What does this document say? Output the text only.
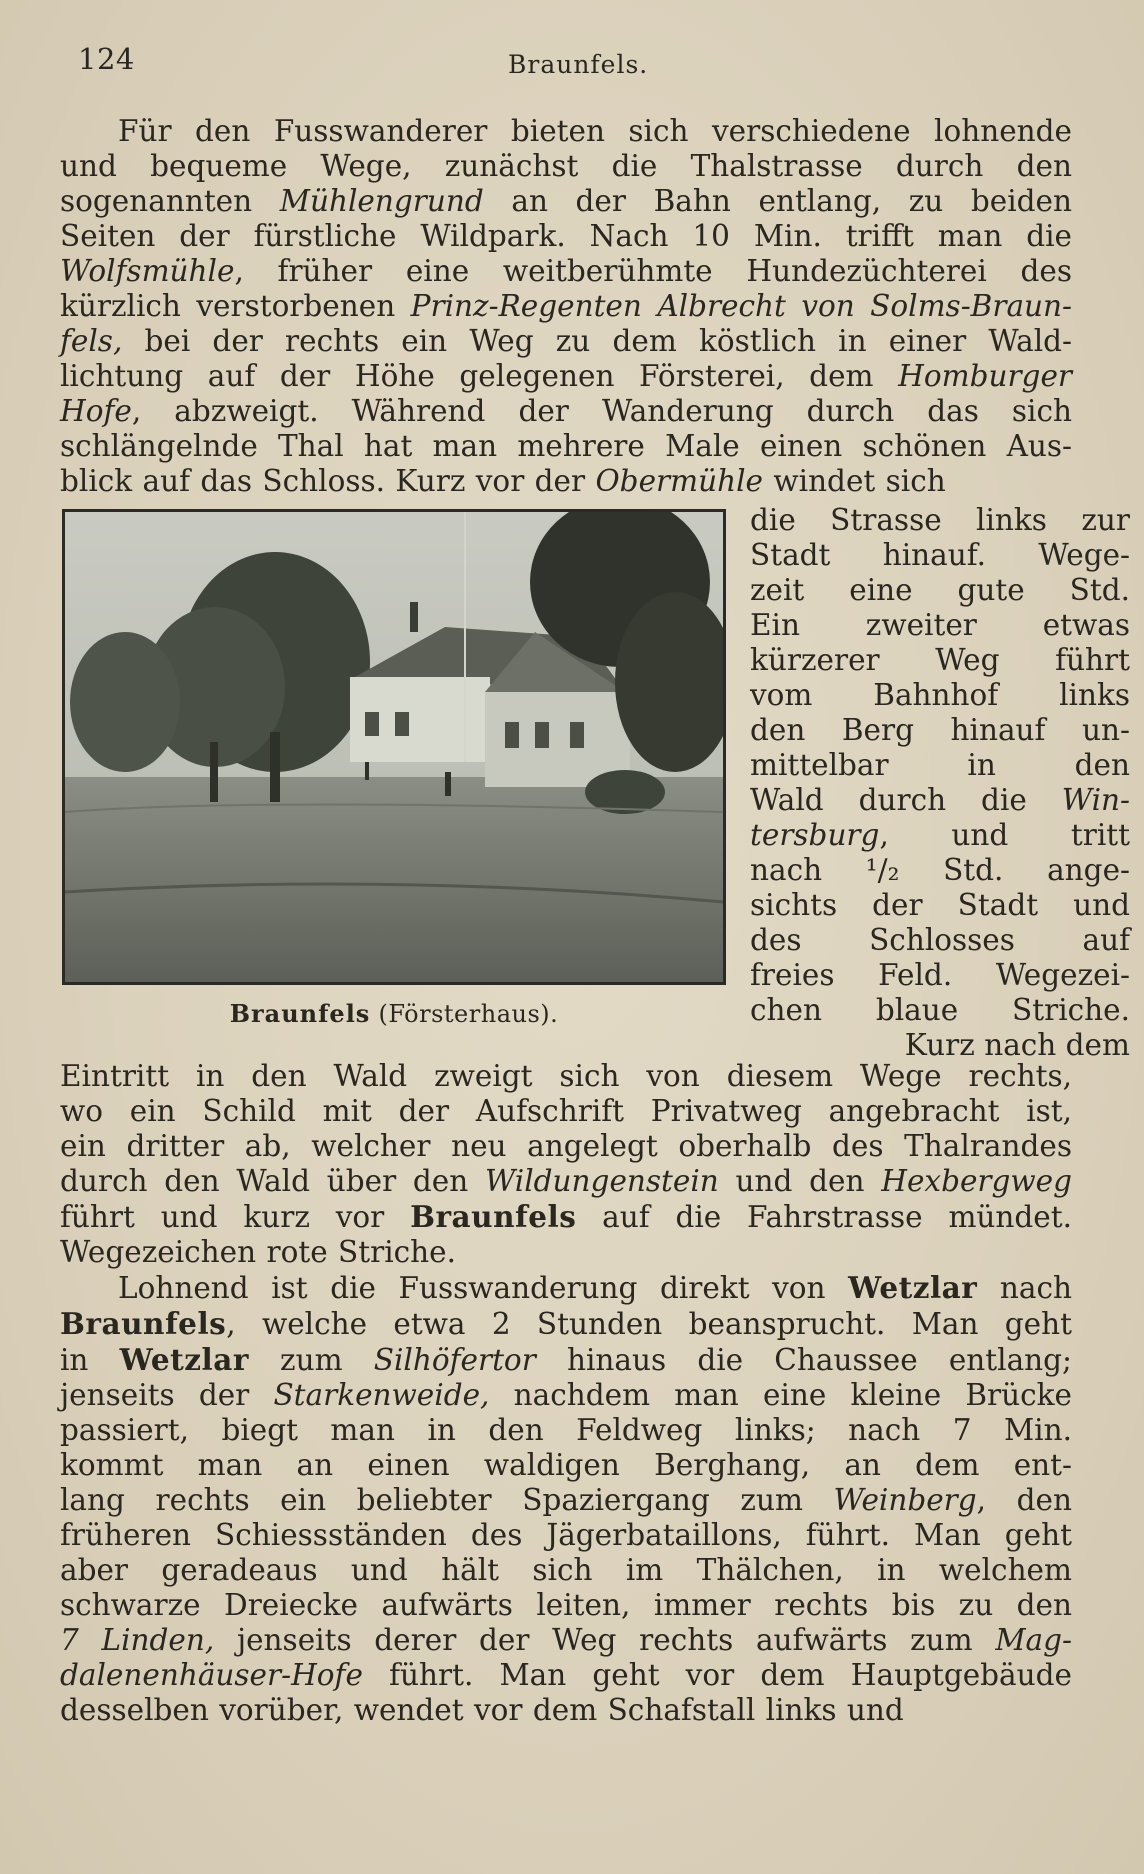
124	Braunfels.
Für den Fusswanderer bieten sich verschiedene lohnende
und bequeme Wege, zunächst die Thalstrasse durch den
sogenannten Mühlengrund an der Bahn entlang, zu beiden
Seiten der fürstliche Wildpark. Nach 10 Min. trifft man die
Wolfsmühle, früher eine weitberühmte Hundezüchterei des
kürzlich verstorbenen Prinz-Regenten Albrecht von Solms-Braun-
fels, bei der rechts ein Weg zu dem köstlich in einer Wald-
lichtung auf der Höhe gelegenen Försterei, dem Homburger
Hofe, abzweigt. Während der Wanderung durch das sich
schlängelnde Thal hat man mehrere Male einen schönen Aus-
blick auf das Schloss. Kurz vor der Obermühle windet sich
Braunfels (Försterhaus).
die Strasse links zur
Stadt hinauf. Wege-
zeit eine gute Std.
Ein zweiter etwas
kürzerer Weg führt
vom Bahnhof links
den Berg hinauf un-
mittelbar in den
Wald durch die Win-
tersburg, und tritt
nach ¹/₂ Std. ange-
sichts der Stadt und
des Schlosses auf
freies Feld. Wegezei-
chen blaue Striche.
Kurz nach dem
Eintritt in den Wald zweigt sich von diesem Wege rechts,
wo ein Schild mit der Aufschrift Privatweg angebracht ist,
ein dritter ab, welcher neu angelegt oberhalb des Thalrandes
durch den Wald über den Wildungenstein und den Hexbergweg
führt und kurz vor Braunfels auf die Fahrstrasse mündet.
Wegezeichen rote Striche.
Lohnend ist die Fusswanderung direkt von Wetzlar nach
Braunfels, welche etwa 2 Stunden beansprucht. Man geht
in Wetzlar zum Silhöfertor hinaus die Chaussee entlang;
jenseits der Starkenweide, nachdem man eine kleine Brücke
passiert, biegt man in den Feldweg links; nach 7 Min.
kommt man an einen waldigen Berghang, an dem ent-
lang rechts ein beliebter Spaziergang zum Weinberg, den
früheren Schiessständen des Jägerbataillons, führt. Man geht
aber geradeaus und hält sich im Thälchen, in welchem
schwarze Dreiecke aufwärts leiten, immer rechts bis zu den
7 Linden, jenseits derer der Weg rechts aufwärts zum Mag-
dalenenhäuser-Hofe führt. Man geht vor dem Hauptgebäude
desselben vorüber, wendet vor dem Schafstall links und
